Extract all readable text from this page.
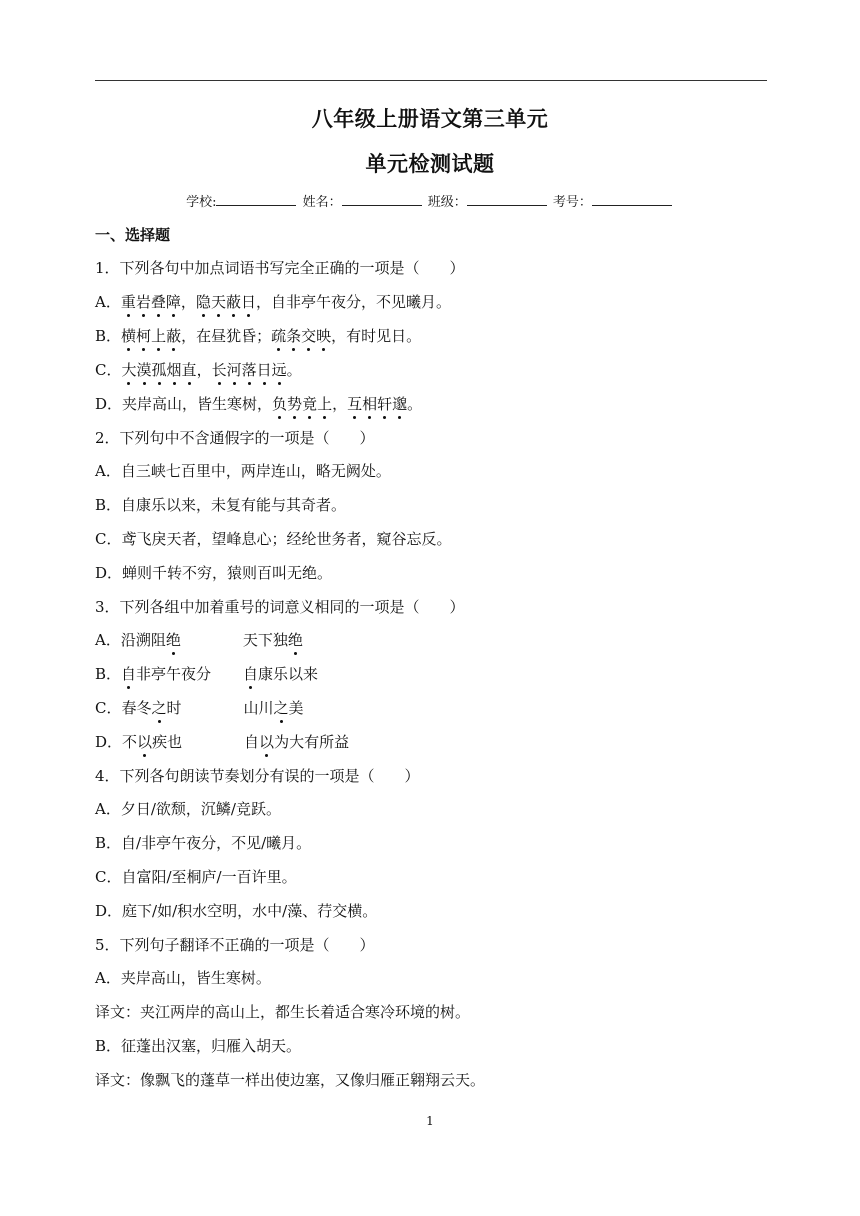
八年级上册语文第三单元
单元检测试题
学校:	姓名：	班级：	考号：
一、选择题
1．下列各句中加点词语书写完全正确的一项是（　　）
A．重岩叠障，隐天蔽日，自非亭午夜分，不见曦月。
B．横柯上蔽，在昼犹昏；疏条交映，有时见日。
C．大漠孤烟直，长河落日远。
D．夹岸高山，皆生寒树，负势竟上，互相轩邈。
2．下列句中不含通假字的一项是（　　）
A．自三峡七百里中，两岸连山，略无阙处。
B．自康乐以来，未复有能与其奇者。
C．鸢飞戾天者，望峰息心；经纶世务者，窥谷忘反。
D．蝉则千转不穷，猿则百叫无绝。
3．下列各组中加着重号的词意义相同的一项是（　　）
A．沿溯阻绝	天下独绝
B．自非亭午夜分 自康乐以来
C．春冬之时	山川之美
D．不以疾也	自以为大有所益
4．下列各句朗读节奏划分有误的一项是（　　）
A．夕日/欲颓，沉鳞/竞跃。
B．自/非亭午夜分，不见/曦月。
C．自富阳/至桐庐/一百许里。
D．庭下/如/积水空明，水中/藻、荇交横。
5．下列句子翻译不正确的一项是（　　）
A．夹岸高山，皆生寒树。
译文：夹江两岸的高山上，都生长着适合寒冷环境的树。
B．征蓬出汉塞，归雁入胡天。
译文：像飘飞的蓬草一样出使边塞，又像归雁正翱翔云天。
1
